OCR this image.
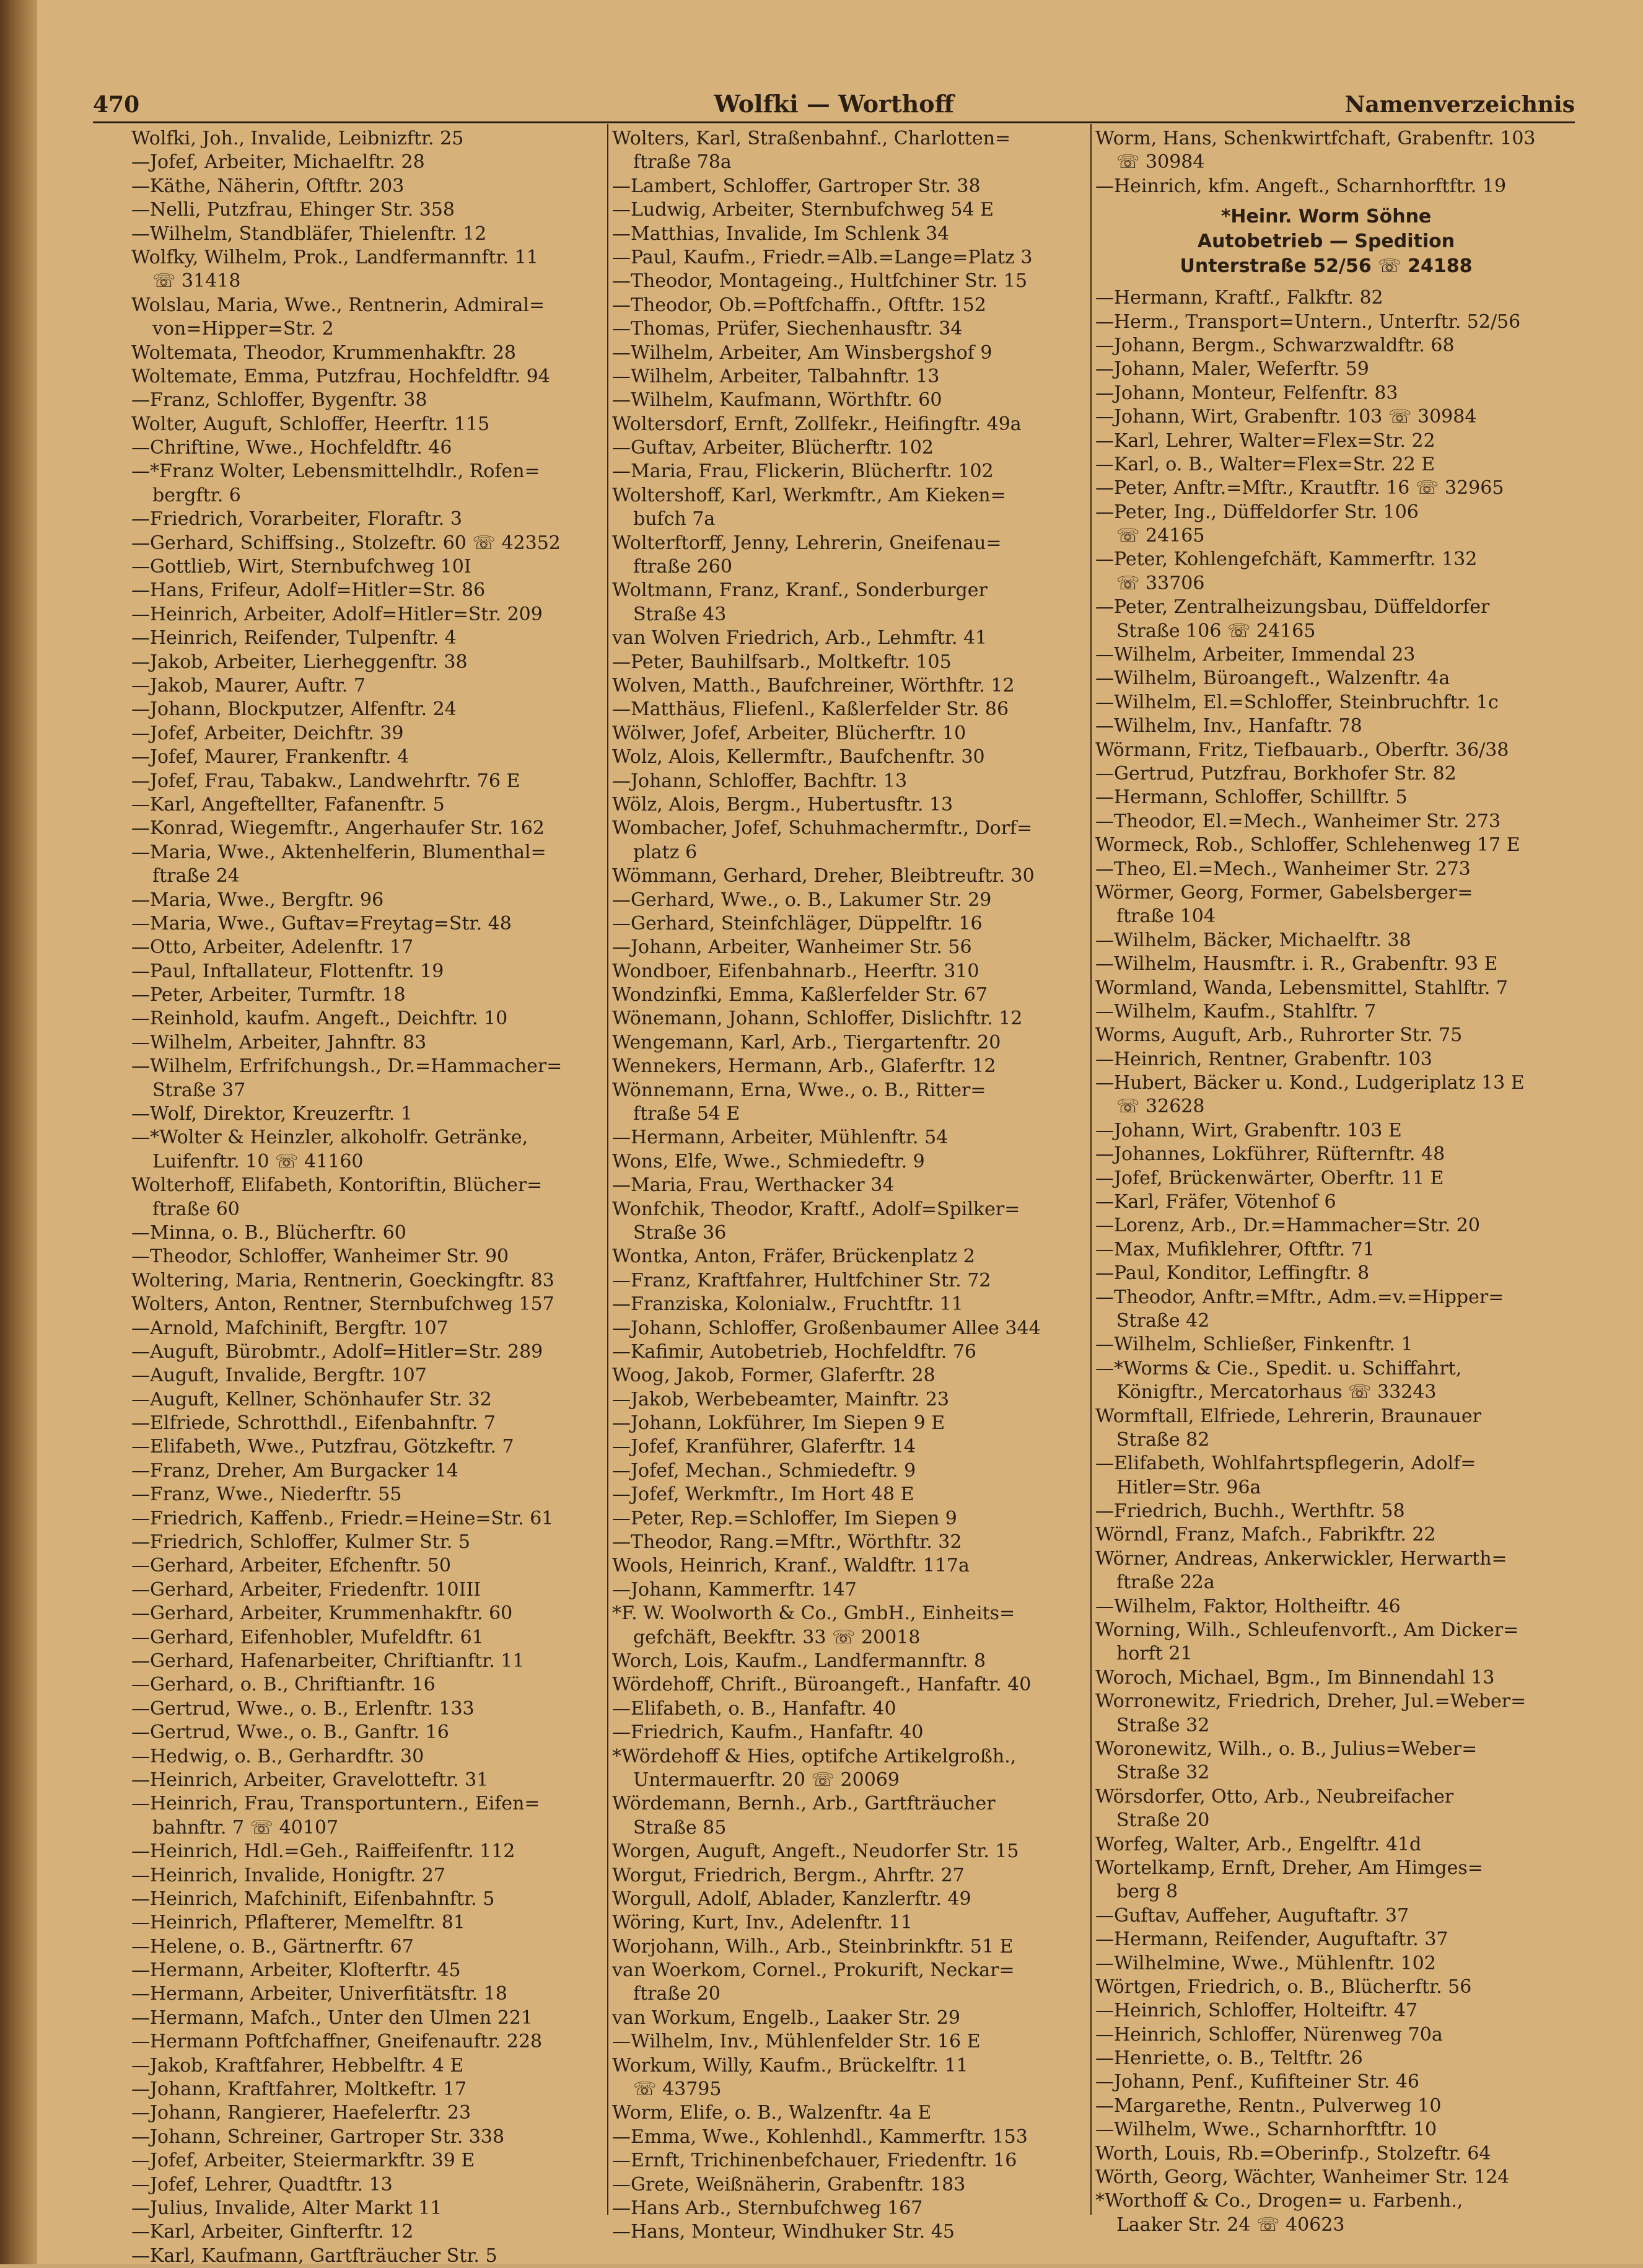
470	Wolfki — Worthoff	Namenverzeichnis
Wolfki, Joh., Invalide, Leibnizftr. 25
—Jofef, Arbeiter, Michaelftr. 28
—Käthe, Näherin, Oftftr. 203
—Nelli, Putzfrau, Ehinger Str. 358
—Wilhelm, Standbläfer, Thielenftr. 12
Wolfky, Wilhelm, Prok., Landfermannftr. 11
☏ 31418
Wolslau, Maria, Wwe., Rentnerin, Admiral=
von=Hipper=Str. 2
Woltemata, Theodor, Krummenhakftr. 28
Woltemate, Emma, Putzfrau, Hochfeldftr. 94
—Franz, Schloffer, Bygenftr. 38
Wolter, Auguft, Schloffer, Heerftr. 115
—Chriftine, Wwe., Hochfeldftr. 46
—*Franz Wolter, Lebensmittelhdlr., Rofen=
bergftr. 6
—Friedrich, Vorarbeiter, Floraftr. 3
—Gerhard, Schiffsing., Stolzeftr. 60 ☏ 42352
—Gottlieb, Wirt, Sternbufchweg 10I
—Hans, Frifeur, Adolf=Hitler=Str. 86
—Heinrich, Arbeiter, Adolf=Hitler=Str. 209
—Heinrich, Reifender, Tulpenftr. 4
—Jakob, Arbeiter, Lierheggenftr. 38
—Jakob, Maurer, Auftr. 7
—Johann, Blockputzer, Alfenftr. 24
—Jofef, Arbeiter, Deichftr. 39
—Jofef, Maurer, Frankenftr. 4
—Jofef, Frau, Tabakw., Landwehrftr. 76 E
—Karl, Angeftellter, Fafanenftr. 5
—Konrad, Wiegemftr., Angerhaufer Str. 162
—Maria, Wwe., Aktenhelferin, Blumenthal=
ftraße 24
—Maria, Wwe., Bergftr. 96
—Maria, Wwe., Guftav=Freytag=Str. 48
—Otto, Arbeiter, Adelenftr. 17
—Paul, Inftallateur, Flottenftr. 19
—Peter, Arbeiter, Turmftr. 18
—Reinhold, kaufm. Angeft., Deichftr. 10
—Wilhelm, Arbeiter, Jahnftr. 83
—Wilhelm, Erfrifchungsh., Dr.=Hammacher=
Straße 37
—Wolf, Direktor, Kreuzerftr. 1
—*Wolter & Heinzler, alkoholfr. Getränke,
Luifenftr. 10 ☏ 41160
Wolterhoff, Elifabeth, Kontoriftin, Blücher=
ftraße 60
—Minna, o. B., Blücherftr. 60
—Theodor, Schloffer, Wanheimer Str. 90
Woltering, Maria, Rentnerin, Goeckingftr. 83
Wolters, Anton, Rentner, Sternbufchweg 157
—Arnold, Mafchinift, Bergftr. 107
—Auguft, Bürobmtr., Adolf=Hitler=Str. 289
—Auguft, Invalide, Bergftr. 107
—Auguft, Kellner, Schönhaufer Str. 32
—Elfriede, Schrotthdl., Eifenbahnftr. 7
—Elifabeth, Wwe., Putzfrau, Götzkeftr. 7
—Franz, Dreher, Am Burgacker 14
—Franz, Wwe., Niederftr. 55
—Friedrich, Kaffenb., Friedr.=Heine=Str. 61
—Friedrich, Schloffer, Kulmer Str. 5
—Gerhard, Arbeiter, Efchenftr. 50
—Gerhard, Arbeiter, Friedenftr. 10III
—Gerhard, Arbeiter, Krummenhakftr. 60
—Gerhard, Eifenhobler, Mufeldftr. 61
—Gerhard, Hafenarbeiter, Chriftianftr. 11
—Gerhard, o. B., Chriftianftr. 16
—Gertrud, Wwe., o. B., Erlenftr. 133
—Gertrud, Wwe., o. B., Ganftr. 16
—Hedwig, o. B., Gerhardftr. 30
—Heinrich, Arbeiter, Gravelotteftr. 31
—Heinrich, Frau, Transportuntern., Eifen=
bahnftr. 7 ☏ 40107
—Heinrich, Hdl.=Geh., Raiffeifenftr. 112
—Heinrich, Invalide, Honigftr. 27
—Heinrich, Mafchinift, Eifenbahnftr. 5
—Heinrich, Pflafterer, Memelftr. 81
—Helene, o. B., Gärtnerftr. 67
—Hermann, Arbeiter, Klofterftr. 45
—Hermann, Arbeiter, Univerfitätsftr. 18
—Hermann, Mafch., Unter den Ulmen 221
—Hermann Poftfchaffner, Gneifenauftr. 228
—Jakob, Kraftfahrer, Hebbelftr. 4 E
—Johann, Kraftfahrer, Moltkeftr. 17
—Johann, Rangierer, Haefelerftr. 23
—Johann, Schreiner, Gartroper Str. 338
—Jofef, Arbeiter, Steiermarkftr. 39 E
—Jofef, Lehrer, Quadtftr. 13
—Julius, Invalide, Alter Markt 11
—Karl, Arbeiter, Ginfterftr. 12
—Karl, Kaufmann, Gartfträucher Str. 5
Wolters, Karl, Straßenbahnf., Charlotten=
ftraße 78a
—Lambert, Schloffer, Gartroper Str. 38
—Ludwig, Arbeiter, Sternbufchweg 54 E
—Matthias, Invalide, Im Schlenk 34
—Paul, Kaufm., Friedr.=Alb.=Lange=Platz 3
—Theodor, Montageing., Hultfchiner Str. 15
—Theodor, Ob.=Poftfchaffn., Oftftr. 152
—Thomas, Prüfer, Siechenhausftr. 34
—Wilhelm, Arbeiter, Am Winsbergshof 9
—Wilhelm, Arbeiter, Talbahnftr. 13
—Wilhelm, Kaufmann, Wörthftr. 60
Woltersdorf, Ernft, Zollfekr., Heifingftr. 49a
—Guftav, Arbeiter, Blücherftr. 102
—Maria, Frau, Flickerin, Blücherftr. 102
Woltershoff, Karl, Werkmftr., Am Kieken=
bufch 7a
Wolterftorff, Jenny, Lehrerin, Gneifenau=
ftraße 260
Woltmann, Franz, Kranf., Sonderburger
Straße 43
van Wolven Friedrich, Arb., Lehmftr. 41
—Peter, Bauhilfsarb., Moltkeftr. 105
Wolven, Matth., Baufchreiner, Wörthftr. 12
—Matthäus, Fliefenl., Kaßlerfelder Str. 86
Wölwer, Jofef, Arbeiter, Blücherftr. 10
Wolz, Alois, Kellermftr., Baufchenftr. 30
—Johann, Schloffer, Bachftr. 13
Wölz, Alois, Bergm., Hubertusftr. 13
Wombacher, Jofef, Schuhmachermftr., Dorf=
platz 6
Wömmann, Gerhard, Dreher, Bleibtreuftr. 30
—Gerhard, Wwe., o. B., Lakumer Str. 29
—Gerhard, Steinfchläger, Düppelftr. 16
—Johann, Arbeiter, Wanheimer Str. 56
Wondboer, Eifenbahnarb., Heerftr. 310
Wondzinfki, Emma, Kaßlerfelder Str. 67
Wönemann, Johann, Schloffer, Dislichftr. 12
Wengemann, Karl, Arb., Tiergartenftr. 20
Wennekers, Hermann, Arb., Glaferftr. 12
Wönnemann, Erna, Wwe., o. B., Ritter=
ftraße 54 E
—Hermann, Arbeiter, Mühlenftr. 54
Wons, Elfe, Wwe., Schmiedeftr. 9
—Maria, Frau, Werthacker 34
Wonfchik, Theodor, Kraftf., Adolf=Spilker=
Straße 36
Wontka, Anton, Fräfer, Brückenplatz 2
—Franz, Kraftfahrer, Hultfchiner Str. 72
—Franziska, Kolonialw., Fruchtftr. 11
—Johann, Schloffer, Großenbaumer Allee 344
—Kafimir, Autobetrieb, Hochfeldftr. 76
Woog, Jakob, Former, Glaferftr. 28
—Jakob, Werbebeamter, Mainftr. 23
—Johann, Lokführer, Im Siepen 9 E
—Jofef, Kranführer, Glaferftr. 14
—Jofef, Mechan., Schmiedeftr. 9
—Jofef, Werkmftr., Im Hort 48 E
—Peter, Rep.=Schloffer, Im Siepen 9
—Theodor, Rang.=Mftr., Wörthftr. 32
Wools, Heinrich, Kranf., Waldftr. 117a
—Johann, Kammerftr. 147
*F. W. Woolworth & Co., GmbH., Einheits=
gefchäft, Beekftr. 33 ☏ 20018
Worch, Lois, Kaufm., Landfermannftr. 8
Wördehoff, Chrift., Büroangeft., Hanfaftr. 40
—Elifabeth, o. B., Hanfaftr. 40
—Friedrich, Kaufm., Hanfaftr. 40
*Wördehoff & Hies, optifche Artikelgroßh.,
Untermauerftr. 20 ☏ 20069
Wördemann, Bernh., Arb., Gartfträucher
Straße 85
Worgen, Auguft, Angeft., Neudorfer Str. 15
Worgut, Friedrich, Bergm., Ahrftr. 27
Worgull, Adolf, Ablader, Kanzlerftr. 49
Wöring, Kurt, Inv., Adelenftr. 11
Worjohann, Wilh., Arb., Steinbrinkftr. 51 E
van Woerkom, Cornel., Prokurift, Neckar=
ftraße 20
van Workum, Engelb., Laaker Str. 29
—Wilhelm, Inv., Mühlenfelder Str. 16 E
Workum, Willy, Kaufm., Brückelftr. 11
☏ 43795
Worm, Elife, o. B., Walzenftr. 4a E
—Emma, Wwe., Kohlenhdl., Kammerftr. 153
—Ernft, Trichinenbefchauer, Friedenftr. 16
—Grete, Weißnäherin, Grabenftr. 183
—Hans Arb., Sternbufchweg 167
—Hans, Monteur, Windhuker Str. 45
Worm, Hans, Schenkwirtfchaft, Grabenftr. 103
☏ 30984
—Heinrich, kfm. Angeft., Scharnhorftftr. 19
*Heinr. Worm Söhne
Autobetrieb — Spedition
Unterstraße 52/56 ☏ 24188
—Hermann, Kraftf., Falkftr. 82
—Herm., Transport=Untern., Unterftr. 52/56
—Johann, Bergm., Schwarzwaldftr. 68
—Johann, Maler, Weferftr. 59
—Johann, Monteur, Felfenftr. 83
—Johann, Wirt, Grabenftr. 103 ☏ 30984
—Karl, Lehrer, Walter=Flex=Str. 22
—Karl, o. B., Walter=Flex=Str. 22 E
—Peter, Anftr.=Mftr., Krautftr. 16 ☏ 32965
—Peter, Ing., Düffeldorfer Str. 106
☏ 24165
—Peter, Kohlengefchäft, Kammerftr. 132
☏ 33706
—Peter, Zentralheizungsbau, Düffeldorfer
Straße 106 ☏ 24165
—Wilhelm, Arbeiter, Immendal 23
—Wilhelm, Büroangeft., Walzenftr. 4a
—Wilhelm, El.=Schloffer, Steinbruchftr. 1c
—Wilhelm, Inv., Hanfaftr. 78
Wörmann, Fritz, Tiefbauarb., Oberftr. 36/38
—Gertrud, Putzfrau, Borkhofer Str. 82
—Hermann, Schloffer, Schillftr. 5
—Theodor, El.=Mech., Wanheimer Str. 273
Wormeck, Rob., Schloffer, Schlehenweg 17 E
—Theo, El.=Mech., Wanheimer Str. 273
Wörmer, Georg, Former, Gabelsberger=
ftraße 104
—Wilhelm, Bäcker, Michaelftr. 38
—Wilhelm, Hausmftr. i. R., Grabenftr. 93 E
Wormland, Wanda, Lebensmittel, Stahlftr. 7
—Wilhelm, Kaufm., Stahlftr. 7
Worms, Auguft, Arb., Ruhrorter Str. 75
—Heinrich, Rentner, Grabenftr. 103
—Hubert, Bäcker u. Kond., Ludgeriplatz 13 E
☏ 32628
—Johann, Wirt, Grabenftr. 103 E
—Johannes, Lokführer, Rüfternftr. 48
—Jofef, Brückenwärter, Oberftr. 11 E
—Karl, Fräfer, Vötenhof 6
—Lorenz, Arb., Dr.=Hammacher=Str. 20
—Max, Mufiklehrer, Oftftr. 71
—Paul, Konditor, Leffingftr. 8
—Theodor, Anftr.=Mftr., Adm.=v.=Hipper=
Straße 42
—Wilhelm, Schließer, Finkenftr. 1
—*Worms & Cie., Spedit. u. Schiffahrt,
Königftr., Mercatorhaus ☏ 33243
Wormftall, Elfriede, Lehrerin, Braunauer
Straße 82
—Elifabeth, Wohlfahrtspflegerin, Adolf=
Hitler=Str. 96a
—Friedrich, Buchh., Werthftr. 58
Wörndl, Franz, Mafch., Fabrikftr. 22
Wörner, Andreas, Ankerwickler, Herwarth=
ftraße 22a
—Wilhelm, Faktor, Holtheiftr. 46
Worning, Wilh., Schleufenvorft., Am Dicker=
horft 21
Woroch, Michael, Bgm., Im Binnendahl 13
Worronewitz, Friedrich, Dreher, Jul.=Weber=
Straße 32
Woronewitz, Wilh., o. B., Julius=Weber=
Straße 32
Wörsdorfer, Otto, Arb., Neubreifacher
Straße 20
Worfeg, Walter, Arb., Engelftr. 41d
Wortelkamp, Ernft, Dreher, Am Himges=
berg 8
—Guftav, Auffeher, Auguftaftr. 37
—Hermann, Reifender, Auguftaftr. 37
—Wilhelmine, Wwe., Mühlenftr. 102
Wörtgen, Friedrich, o. B., Blücherftr. 56
—Heinrich, Schloffer, Holteiftr. 47
—Heinrich, Schloffer, Nürenweg 70a
—Henriette, o. B., Teltftr. 26
—Johann, Penf., Kufifteiner Str. 46
—Margarethe, Rentn., Pulverweg 10
—Wilhelm, Wwe., Scharnhorftftr. 10
Worth, Louis, Rb.=Oberinfp., Stolzeftr. 64
Wörth, Georg, Wächter, Wanheimer Str. 124
*Worthoff & Co., Drogen= u. Farbenh.,
Laaker Str. 24 ☏ 40623
